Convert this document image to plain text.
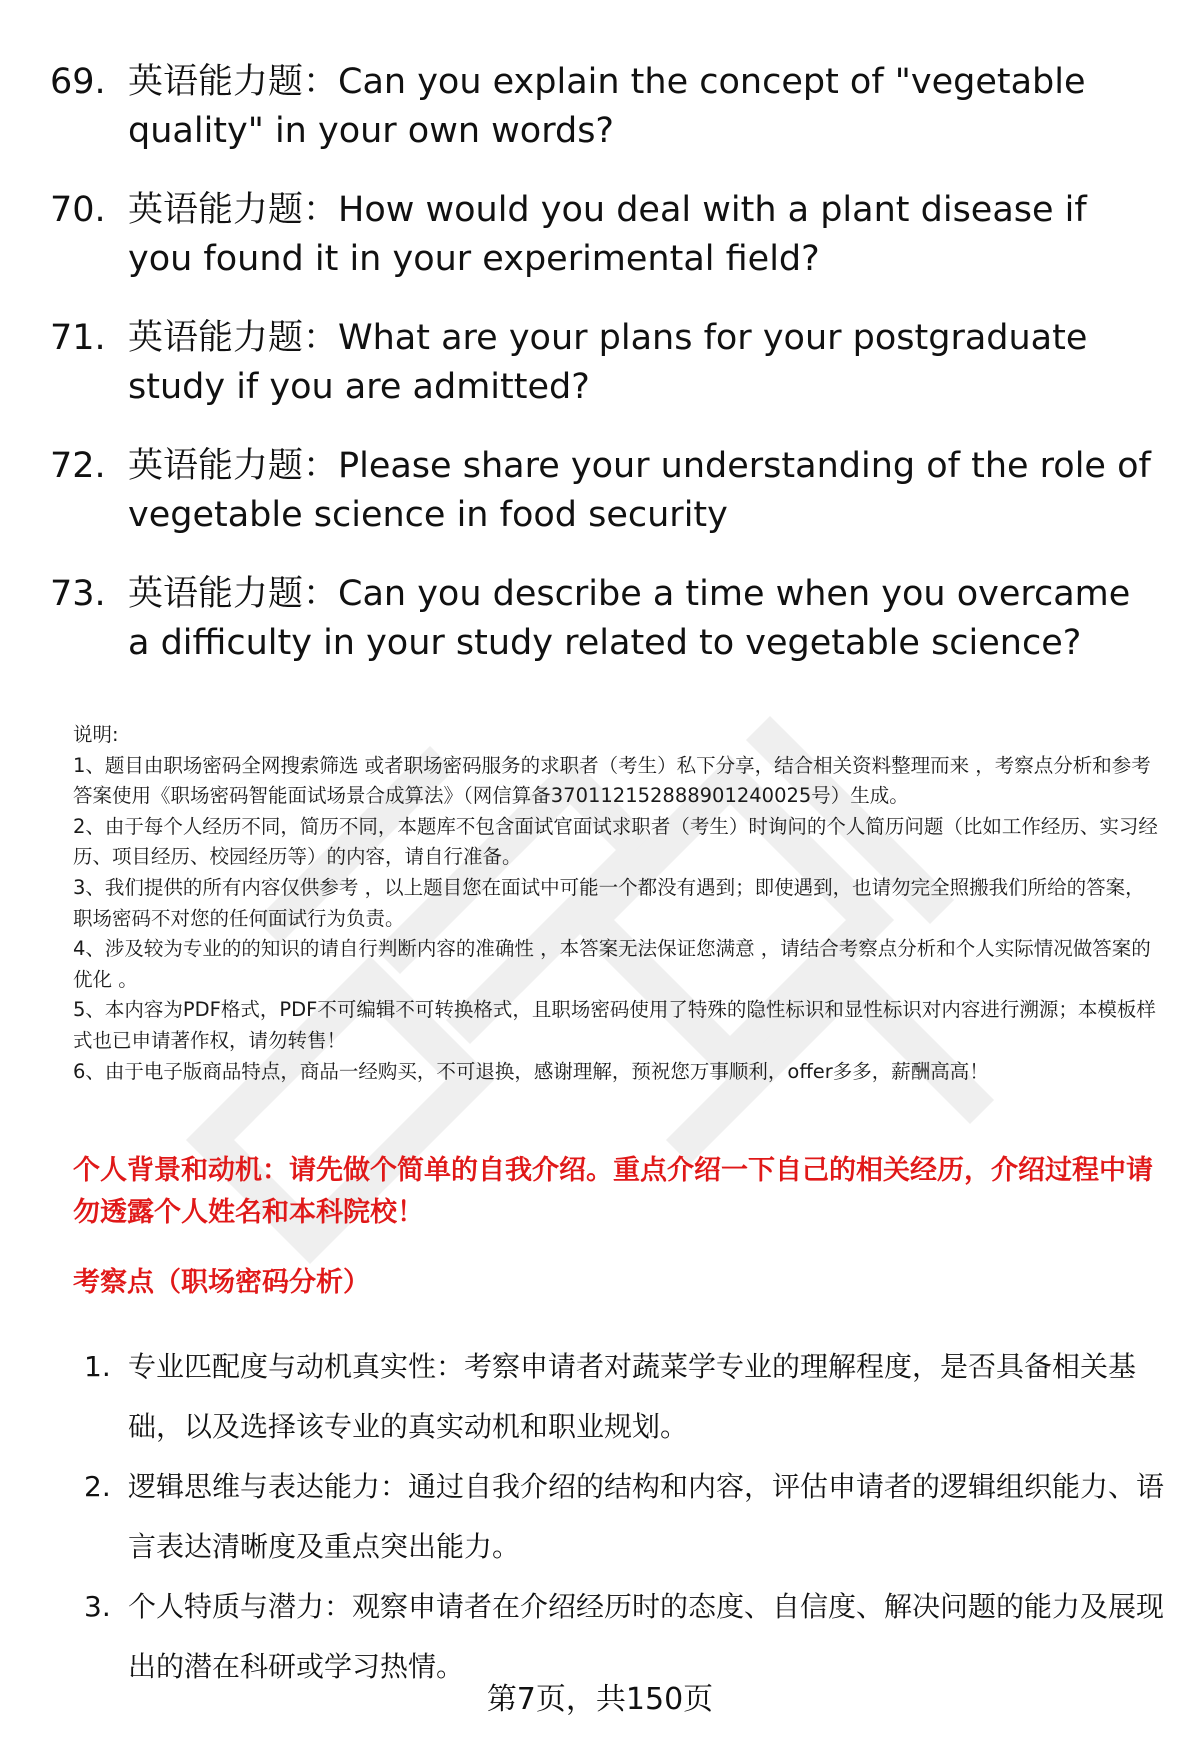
69. 英语能力题：Can you explain the concept of "vegetable quality" in your own words?
70. 英语能力题：How would you deal with a plant disease if you found it in your experimental field?
71. 英语能力题：What are your plans for your postgraduate study if you are admitted?
72. 英语能力题：Please share your understanding of the role of vegetable science in food security
73. 英语能力题：Can you describe a time when you overcame a difficulty in your study related to vegetable science?

说明:

1、题目由职场密码全网搜索筛选 或者职场密码服务的求职者（考生）私下分享，结合相关资料整理而来 ，考察点分析和参考答案使用《职场密码智能面试场景合成算法》（网信算备370112152888901240025号）生成。

2、由于每个人经历不同，简历不同，本题库不包含面试官面试求职者（考生）时询问的个人简历问题（比如工作经历、实习经历、项目经历、校园经历等）的内容，请自行准备。

3、我们提供的所有内容仅供参考 ，以上题目您在面试中可能一个都没有遇到；即使遇到，也请勿完全照搬我们所给的答案，职场密码不对您的任何面试行为负责。

4、涉及较为专业的的知识的请自行判断内容的准确性 ，本答案无法保证您满意 ，请结合考察点分析和个人实际情况做答案的优化 。

5、本内容为PDF格式，PDF不可编辑不可转换格式，且职场密码使用了特殊的隐性标识和显性标识对内容进行溯源；本模板样式也已申请著作权，请勿转售！

6、由于电子版商品特点，商品一经购买，不可退换，感谢理解，预祝您万事顺利，offer多多，薪酬高高！

个人背景和动机：请先做个简单的自我介绍。重点介绍一下自己的相关经历，介绍过程中请勿透露个人姓名和本科院校！
考察点（职场密码分析）
1. 专业匹配度与动机真实性：考察申请者对蔬菜学专业的理解程度，是否具备相关基础，以及选择该专业的真实动机和职业规划。
2. 逻辑思维与表达能力：通过自我介绍的结构和内容，评估申请者的逻辑组织能力、语言表达清晰度及重点突出能力。
3. 个人特质与潜力：观察申请者在介绍经历时的态度、自信度、解决问题的能力及展现出的潜在科研或学习热情。
第7页，共150页
